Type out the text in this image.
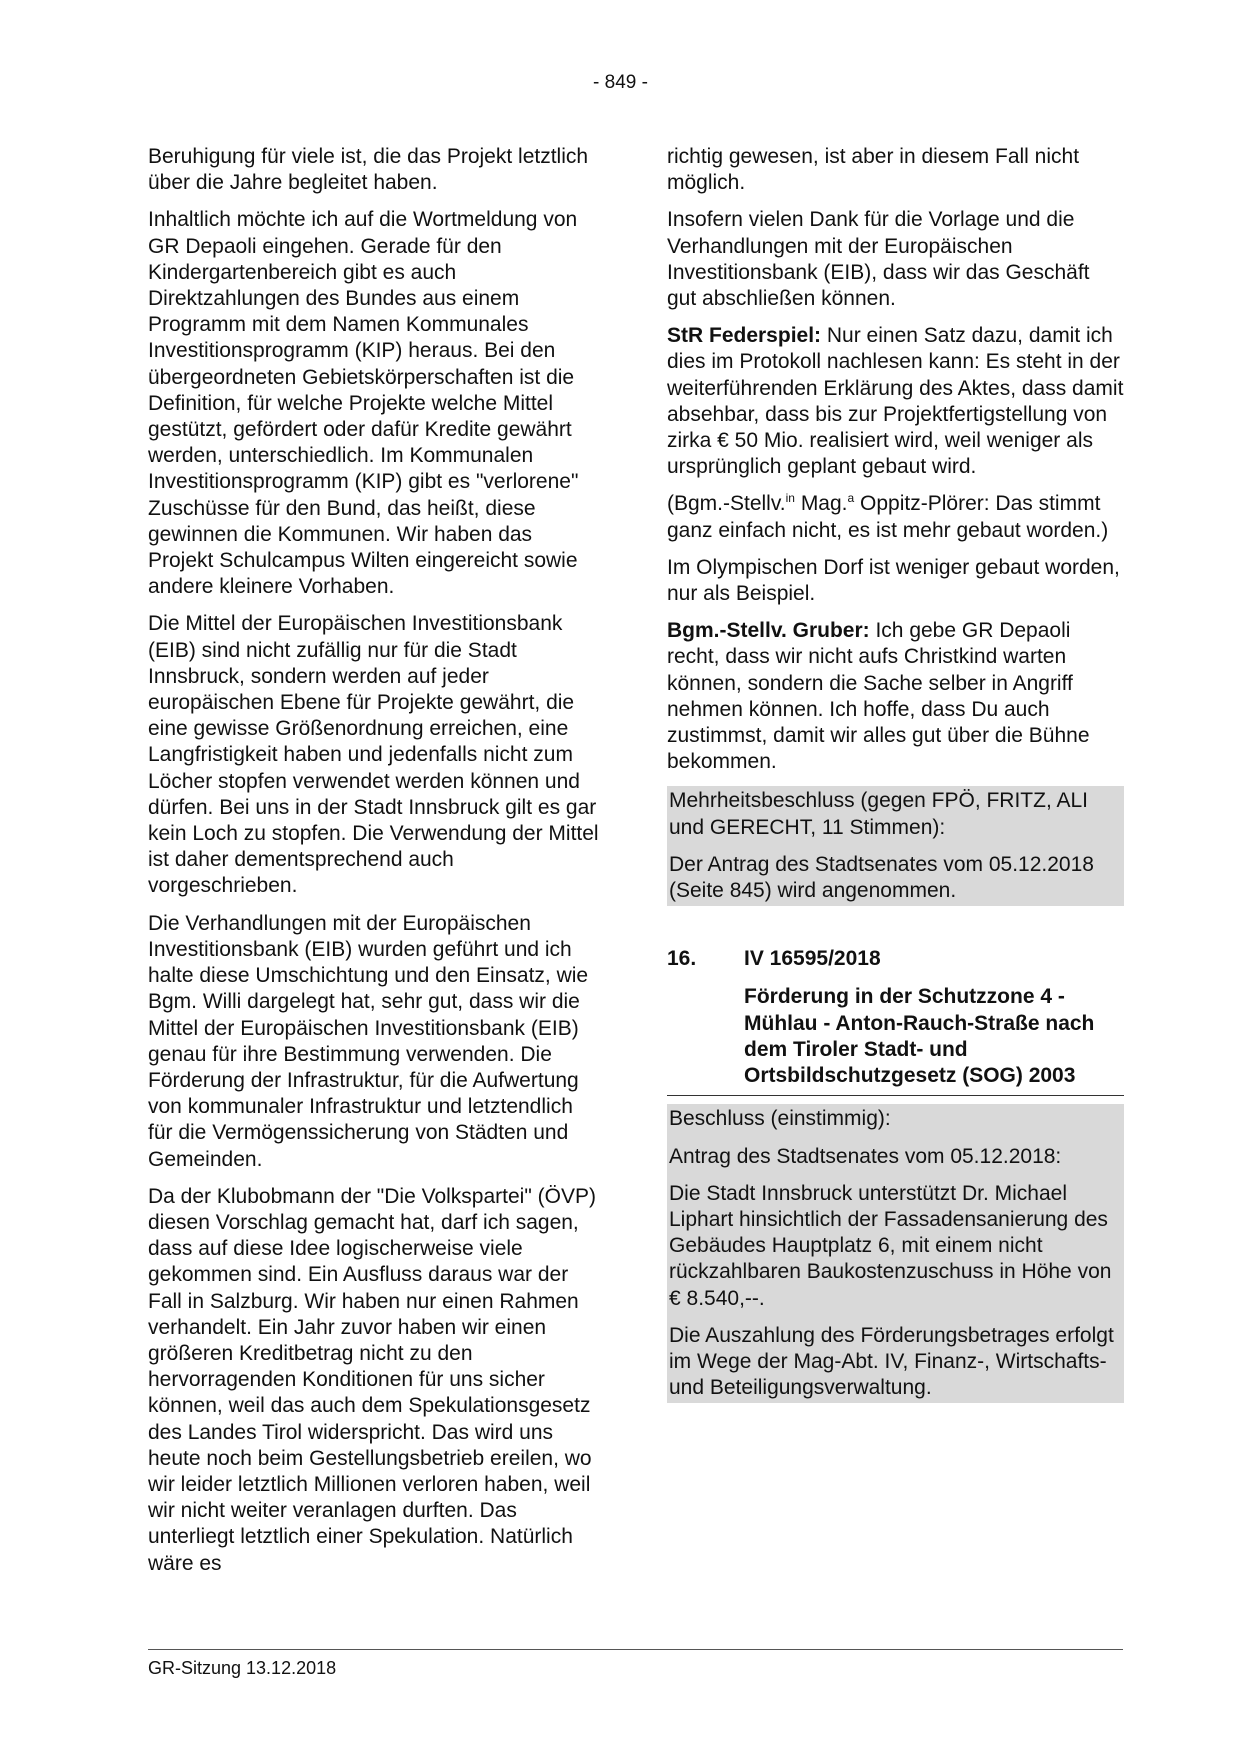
- 849 -

Beruhigung für viele ist, die das Projekt letztlich über die Jahre begleitet haben.

Inhaltlich möchte ich auf die Wortmeldung von GR Depaoli eingehen. Gerade für den Kindergartenbereich gibt es auch Direktzahlungen des Bundes aus einem Programm mit dem Namen Kommunales Investitionsprogramm (KIP) heraus. Bei den übergeordneten Gebietskörperschaften ist die Definition, für welche Projekte welche Mittel gestützt, gefördert oder dafür Kredite gewährt werden, unterschiedlich. Im Kommunalen Investitionsprogramm (KIP) gibt es "verlorene" Zuschüsse für den Bund, das heißt, diese gewinnen die Kommunen. Wir haben das Projekt Schulcampus Wilten eingereicht sowie andere kleinere Vorhaben.

Die Mittel der Europäischen Investitionsbank (EIB) sind nicht zufällig nur für die Stadt Innsbruck, sondern werden auf jeder europäischen Ebene für Projekte gewährt, die eine gewisse Größenordnung erreichen, eine Langfristigkeit haben und jedenfalls nicht zum Löcher stopfen verwendet werden können und dürfen. Bei uns in der Stadt Innsbruck gilt es gar kein Loch zu stopfen. Die Verwendung der Mittel ist daher dementsprechend auch vorgeschrieben.

Die Verhandlungen mit der Europäischen Investitionsbank (EIB) wurden geführt und ich halte diese Umschichtung und den Einsatz, wie Bgm. Willi dargelegt hat, sehr gut, dass wir die Mittel der Europäischen Investitionsbank (EIB) genau für ihre Bestimmung verwenden. Die Förderung der Infrastruktur, für die Aufwertung von kommunaler Infrastruktur und letztendlich für die Vermögenssicherung von Städten und Gemeinden.

Da der Klubobmann der "Die Volkspartei" (ÖVP) diesen Vorschlag gemacht hat, darf ich sagen, dass auf diese Idee logischerweise viele gekommen sind. Ein Ausfluss daraus war der Fall in Salzburg. Wir haben nur einen Rahmen verhandelt. Ein Jahr zuvor haben wir einen größeren Kreditbetrag nicht zu den hervorragenden Konditionen für uns sicher können, weil das auch dem Spekulationsgesetz des Landes Tirol widerspricht. Das wird uns heute noch beim Gestellungsbetrieb ereilen, wo wir leider letztlich Millionen verloren haben, weil wir nicht weiter veranlagen durften. Das unterliegt letztlich einer Spekulation. Natürlich wäre es

richtig gewesen, ist aber in diesem Fall nicht möglich.

Insofern vielen Dank für die Vorlage und die Verhandlungen mit der Europäischen Investitionsbank (EIB), dass wir das Geschäft gut abschließen können.

StR Federspiel: Nur einen Satz dazu, damit ich dies im Protokoll nachlesen kann: Es steht in der weiterführenden Erklärung des Aktes, dass damit absehbar, dass bis zur Projektfertigstellung von zirka € 50 Mio. realisiert wird, weil weniger als ursprünglich geplant gebaut wird.

(Bgm.-Stellv.$^{in}$ Mag.$^a$ Oppitz-Plörer: Das stimmt ganz einfach nicht, es ist mehr gebaut worden.)

Im Olympischen Dorf ist weniger gebaut worden, nur als Beispiel.

Bgm.-Stellv. Gruber: Ich gebe GR Depaoli recht, dass wir nicht aufs Christkind warten können, sondern die Sache selber in Angriff nehmen können. Ich hoffe, dass Du auch zustimmst, damit wir alles gut über die Bühne bekommen.

Mehrheitsbeschluss (gegen FPÖ, FRITZ, ALI und GERECHT, 11 Stimmen):

Der Antrag des Stadtsenates vom 05.12.2018 (Seite 845) wird angenommen.

16.	IV 16595/2018
Förderung in der Schutzzone 4 - Mühlau - Anton-Rauch-Straße nach dem Tiroler Stadt- und Ortsbildschutzgesetz (SOG) 2003

Beschluss (einstimmig):

Antrag des Stadtsenates vom 05.12.2018:

Die Stadt Innsbruck unterstützt Dr. Michael Liphart hinsichtlich der Fassadensanierung des Gebäudes Hauptplatz 6, mit einem nicht rückzahlbaren Baukostenzuschuss in Höhe von € 8.540,--.

Die Auszahlung des Förderungsbetrages erfolgt im Wege der Mag-Abt. IV, Finanz-, Wirtschafts- und Beteiligungsverwaltung.

GR-Sitzung 13.12.2018
